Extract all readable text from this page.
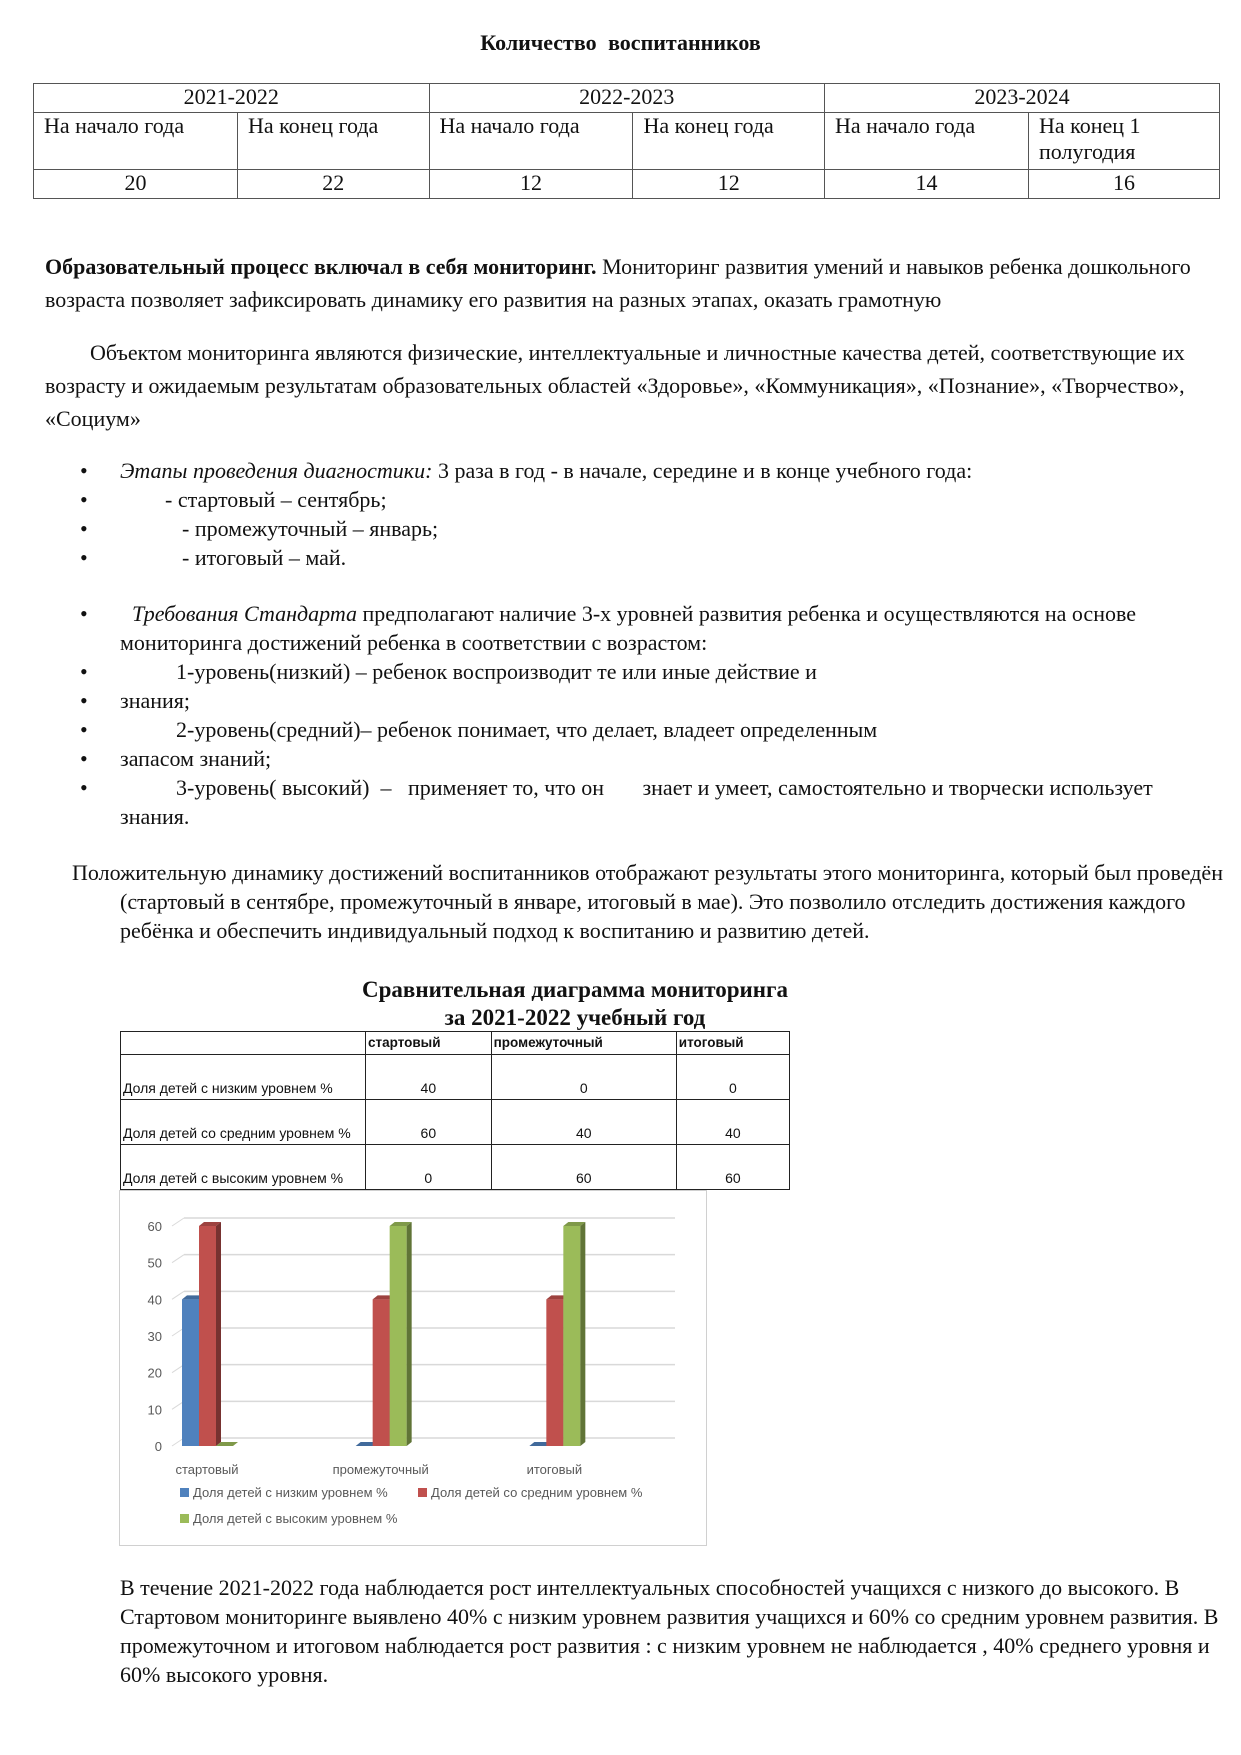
Количество воспитанников
2021-2022		2022-2023		2023-2024	
На начало года	На конец года	На начало года	На конец года	На начало года	На конец 1 полугодия
20	22	12	12	14	16
Образовательный процесс включал в себя мониторинг. Мониторинг развития умений и навыков ребенка дошкольного возраста позволяет зафиксировать динамику его развития на разных этапах, оказать грамотную
Объектом мониторинга являются физические, интеллектуальные и личностные качества детей, соответствующие их возрасту и ожидаемым результатам образовательных областей «Здоровье», «Коммуникация», «Познание», «Творчество», «Социум»
• Этапы проведения диагностики: 3 раза в год - в начале, середине и в конце учебного года:
•	- стартовый – сентябрь;
•	- промежуточный – январь;
•	- итоговый – май.
• Требования Стандарта предполагают наличие 3-х уровней развития ребенка и осуществляются на основе мониторинга достижений ребенка в соответствии с возрастом:
•	1-уровень(низкий) – ребенок воспроизводит те или иные действие и
• знания;
•	2-уровень(средний)– ребенок понимает, что делает, владеет определенным
• запасом знаний;
•	3-уровень( высокий)  –   применяет то, что он       знает и умеет, самостоятельно и творчески использует знания.
Положительную динамику достижений воспитанников отображают результаты этого мониторинга, который был проведён (стартовый в сентябре, промежуточный в январе, итоговый в мае). Это позволило отследить достижения каждого ребёнка и обеспечить индивидуальный подход к воспитанию и развитию детей.
Сравнительная диаграмма мониторинга
за 2021-2022 учебный год
	стартовый	промежуточный	итоговый
Доля детей с низким уровнем %	40	0	0
Доля детей со средним уровнем %	60	40	40
Доля детей с высоким уровнем %	0	60	60
0
10
20
30
40
50
60
стартовый	промежуточный	итоговый
Доля детей с низким уровнем %	Доля детей со средним уровнем %
Доля детей с высоким уровнем %
В течение 2021-2022 года наблюдается рост интеллектуальных способностей учащихся с низкого до высокого. В Стартовом мониторинге выявлено 40% с низким уровнем развития учащихся и 60% со средним уровнем развития. В промежуточном и итоговом наблюдается рост развития : с низким уровнем не наблюдается , 40% среднего уровня и 60% высокого уровня.
